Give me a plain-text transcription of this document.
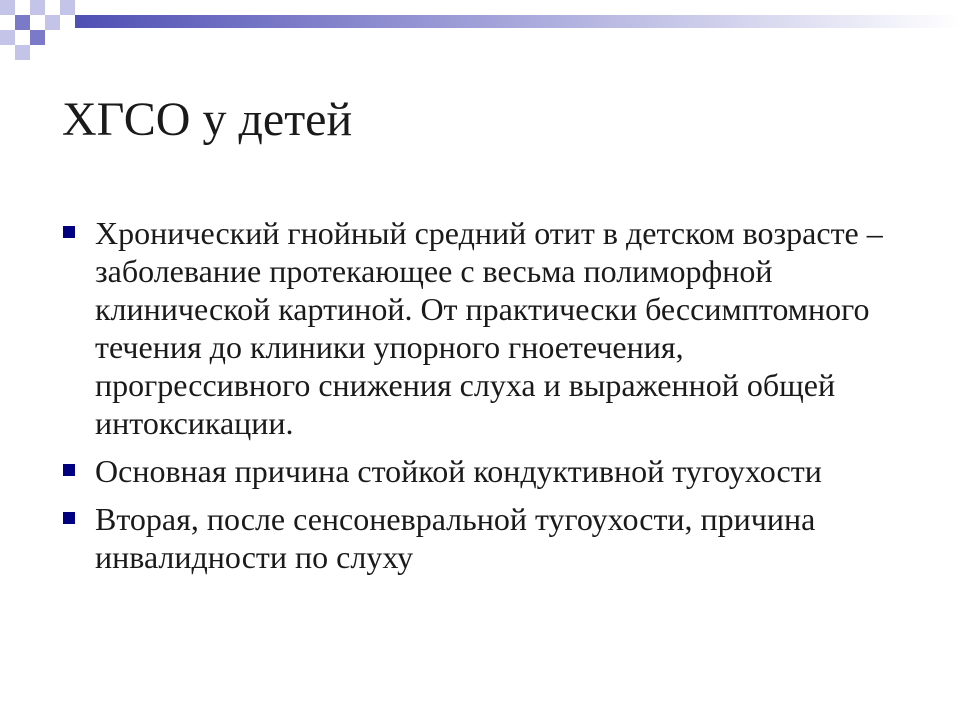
ХГСО у детей
Хронический гнойный средний отит в детском возрасте – заболевание протекающее с весьма полиморфной клинической картиной. От практически бессимптомного течения до клиники упорного гноетечения, прогрессивного снижения слуха и выраженной общей интоксикации.
Основная причина стойкой кондуктивной тугоухости
Вторая, после сенсоневральной тугоухости, причина инвалидности по слуху
